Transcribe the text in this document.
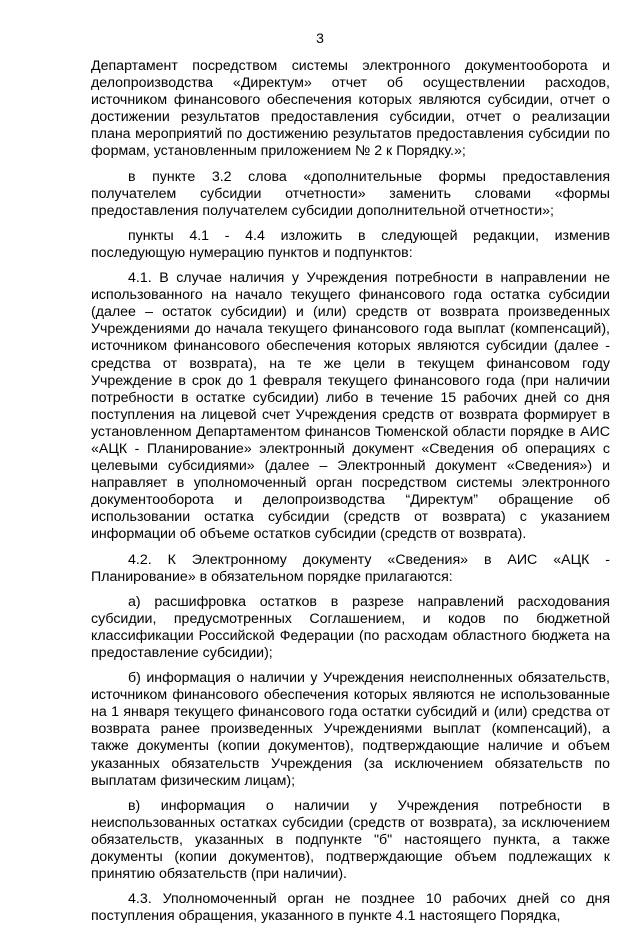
3

Департамент посредством системы электронного документооборота и делопроизводства «Директум» отчет об осуществлении расходов, источником финансового обеспечения которых являются субсидии, отчет о достижении результатов предоставления субсидии, отчет о реализации плана мероприятий по достижению результатов предоставления субсидии по формам, установленным приложением № 2 к Порядку.»;

в пункте 3.2 слова «дополнительные формы предоставления получателем субсидии отчетности» заменить словами «формы предоставления получателем субсидии дополнительной отчетности»;

пункты 4.1 - 4.4 изложить в следующей редакции, изменив последующую нумерацию пунктов и подпунктов:

4.1. В случае наличия у Учреждения потребности в направлении не использованного на начало текущего финансового года остатка субсидии (далее – остаток субсидии) и (или) средств от возврата произведенных Учреждениями до начала текущего финансового года выплат (компенсаций), источником финансового обеспечения которых являются субсидии (далее - средства от возврата), на те же цели в текущем финансовом году Учреждение в срок до 1 февраля текущего финансового года (при наличии потребности в остатке субсидии) либо в течение 15 рабочих дней со дня поступления на лицевой счет Учреждения средств от возврата формирует в установленном Департаментом финансов Тюменской области порядке в АИС «АЦК - Планирование» электронный документ «Сведения об операциях с целевыми субсидиями» (далее – Электронный документ «Сведения») и направляет в уполномоченный орган посредством системы электронного документооборота и делопроизводства “Директум” обращение об использовании остатка субсидии (средств от возврата) с указанием информации об объеме остатков субсидии (средств от возврата).

4.2. К Электронному документу «Сведения» в АИС «АЦК - Планирование» в обязательном порядке прилагаются:

а) расшифровка остатков в разрезе направлений расходования субсидии, предусмотренных Соглашением, и кодов по бюджетной классификации Российской Федерации (по расходам областного бюджета на предоставление субсидии);

б) информация о наличии у Учреждения неисполненных обязательств, источником финансового обеспечения которых являются не использованные на 1 января текущего финансового года остатки субсидий и (или) средства от возврата ранее произведенных Учреждениями выплат (компенсаций), а также документы (копии документов), подтверждающие наличие и объем указанных обязательств Учреждения (за исключением обязательств по выплатам физическим лицам);

в) информация о наличии у Учреждения потребности в неиспользованных остатках субсидии (средств от возврата), за исключением обязательств, указанных в подпункте "б" настоящего пункта, а также документы (копии документов), подтверждающие объем подлежащих к принятию обязательств (при наличии).

4.3. Уполномоченный орган не позднее 10 рабочих дней со дня поступления обращения, указанного в пункте 4.1 настоящего Порядка,
